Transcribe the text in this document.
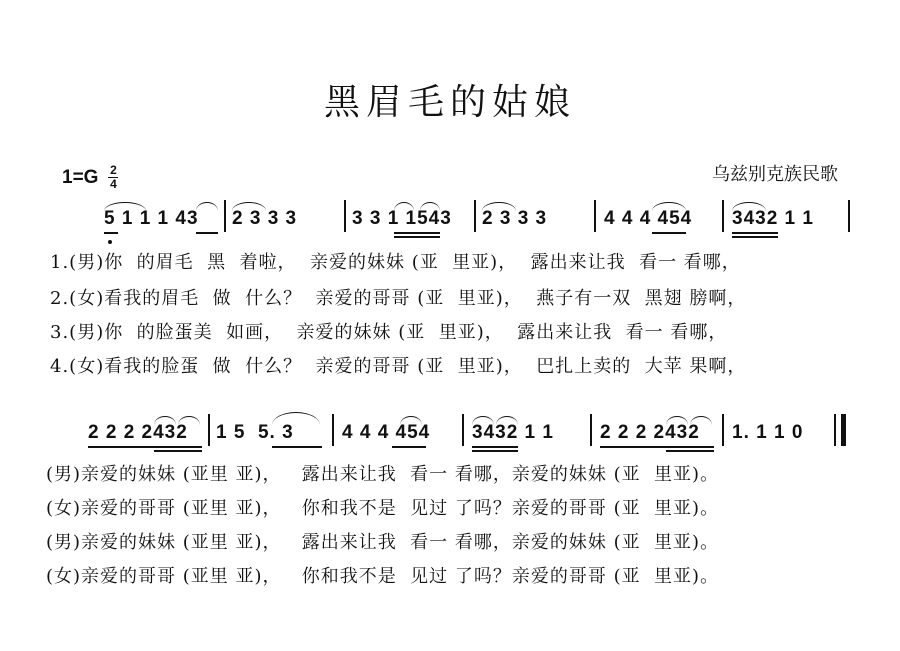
黑眉毛的姑娘
1=G 2
4	乌兹别克族民歌
5 1 1 1 43 2 3 3 3	3 3 1 1543 2 3 3 3	4 4 4 454 3432 1 1
1.(男)你  的眉毛  黑  着啦，  亲爱的妹妹 (亚  里亚)，  露出来让我  看一 看哪，
2.(女)看我的眉毛  做  什么？  亲爱的哥哥 (亚  里亚)，  燕子有一双  黑翅 膀啊，
3.(男)你  的脸蛋美  如画，  亲爱的妹妹 (亚  里亚)，  露出来让我  看一 看哪，
4.(女)看我的脸蛋  做  什么？  亲爱的哥哥 (亚  里亚)，  巴扎上卖的  大苹 果啊，
2 2 2 2432 1 5  5. 3	4 4 4 454 3432 1 1 2 2 2 2432 1. 1 1 0
(男)亲爱的妹妹 (亚里 亚)，   露出来让我  看一 看哪，亲爱的妹妹 (亚  里亚)。
(女)亲爱的哥哥 (亚里 亚)，   你和我不是  见过 了吗？亲爱的哥哥 (亚  里亚)。
(男)亲爱的妹妹 (亚里 亚)，   露出来让我  看一 看哪，亲爱的妹妹 (亚  里亚)。
(女)亲爱的哥哥 (亚里 亚)，   你和我不是  见过 了吗？亲爱的哥哥 (亚  里亚)。
